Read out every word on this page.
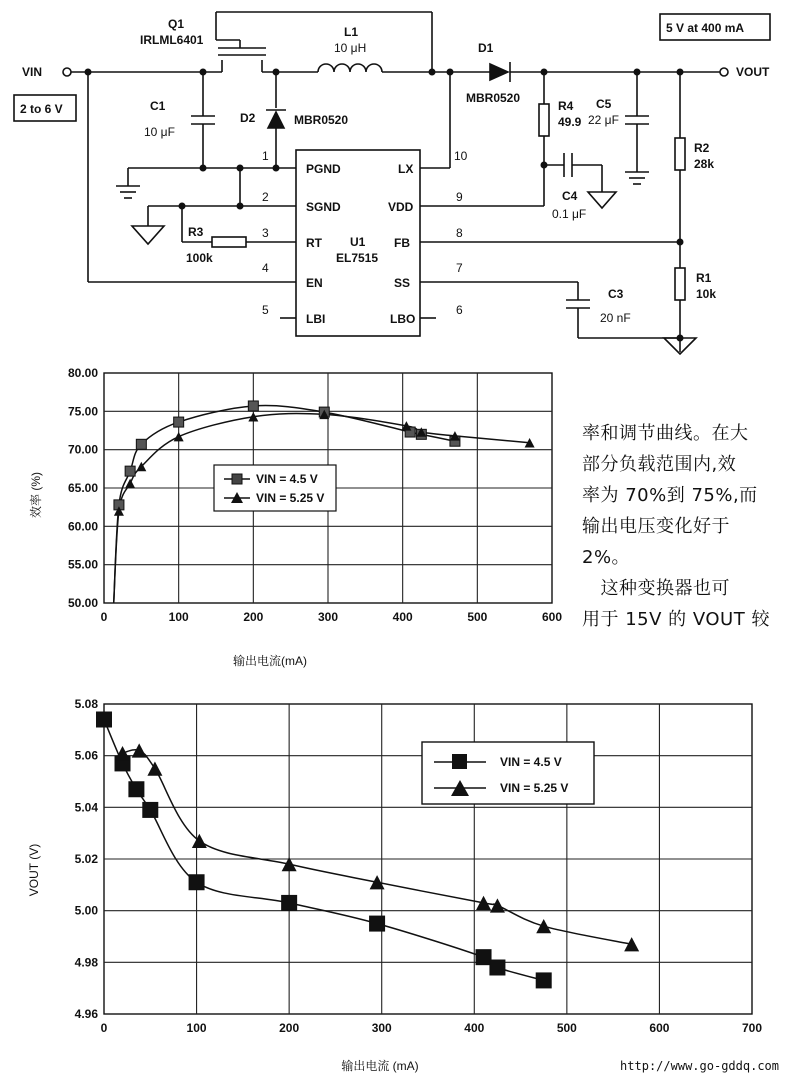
VIN
2 to 6 V
VOUT
5 V at 400 mA
Q1
IRLML6401
L1
10 μH	D1
MBR0520
D2	MBR0520
C1
10 μF
R3
100k
R4
49.9
C5
22 μF
C4
0.1 μF
R2
28k
R1
10k
C3
20 nF
U1
EL7515
1
PGND
2
SGND
3
RT
4
EN
5
LBI
10
LX
9
VDD
8
FB
7
SS
6
LBO
0	100	200	300	400	500	600
50.00
55.00
60.00
65.00
70.00
75.00
80.00
输出电流(mA)
效率 (%)	VIN = 4.5 V
VIN = 5.25 V
0	100	200	300	400	500	600	700
4.96
4.98
5.00
5.02
5.04
5.06
5.08
输出电流 (mA)
VOUT (V)
VIN = 4.5 V
VIN = 5.25 V
率和调节曲线。在大
部分负载范围内,效
率为 70%到 75%,而
输出电压变化好于
2%。
　这种变换器也可
用于 15V 的 VOUT 较
http://www.go-gddq.com
